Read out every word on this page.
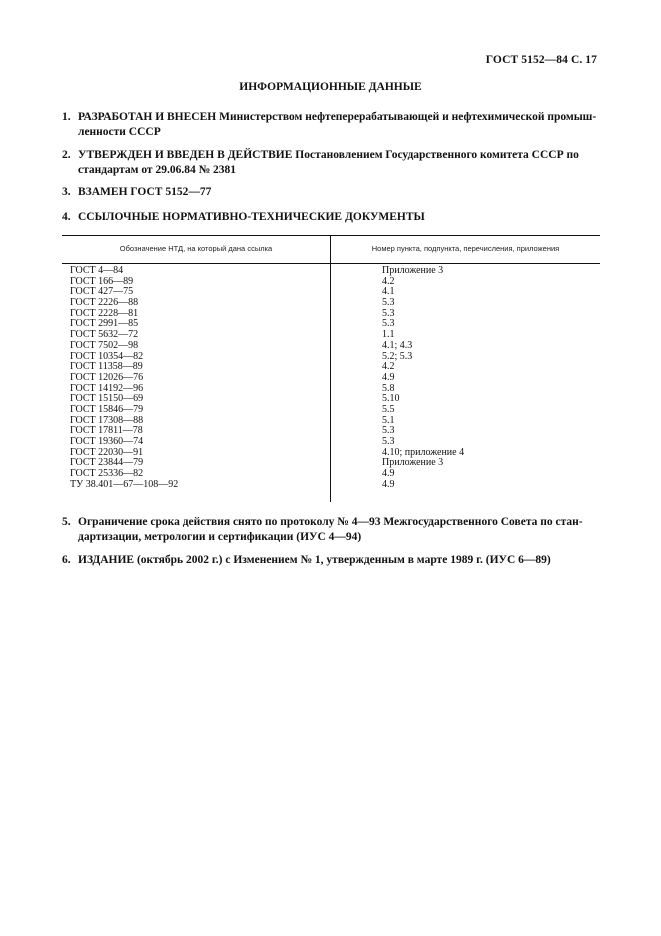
ГОСТ 5152—84 С. 17
ИНФОРМАЦИОННЫЕ ДАННЫЕ
1. РАЗРАБОТАН И ВНЕСЕН Министерством нефтеперерабатывающей и нефтехимической промыш-
ленности СССР
2. УТВЕРЖДЕН И ВВЕДЕН В ДЕЙСТВИЕ Постановлением Государственного комитета СССР по
стандартам от 29.06.84 № 2381
3. ВЗАМЕН ГОСТ 5152—77
4. ССЫЛОЧНЫЕ НОРМАТИВНО-ТЕХНИЧЕСКИЕ ДОКУМЕНТЫ
Обозначение НТД, на который дана ссылка	Номер пункта, подпункта, перечисления, приложения
ГОСТ 4—84	Приложение 3
ГОСТ 166—89	4.2
ГОСТ 427—75	4.1
ГОСТ 2226—88	5.3
ГОСТ 2228—81	5.3
ГОСТ 2991—85	5.3
ГОСТ 5632—72	1.1
ГОСТ 7502—98	4.1; 4.3
ГОСТ 10354—82	5.2; 5.3
ГОСТ 11358—89	4.2
ГОСТ 12026—76	4.9
ГОСТ 14192—96	5.8
ГОСТ 15150—69	5.10
ГОСТ 15846—79	5.5
ГОСТ 17308—88	5.1
ГОСТ 17811—78	5.3
ГОСТ 19360—74	5.3
ГОСТ 22030—91	4.10; приложение 4
ГОСТ 23844—79	Приложение 3
ГОСТ 25336—82	4.9
ТУ 38.401—67—108—92	4.9
5. Ограничение срока действия снято по протоколу № 4—93 Межгосударственного Совета по стан-
дартизации, метрологии и сертификации (ИУС 4—94)
6. ИЗДАНИЕ (октябрь 2002 г.) с Изменением № 1, утвержденным в марте 1989 г. (ИУС 6—89)
